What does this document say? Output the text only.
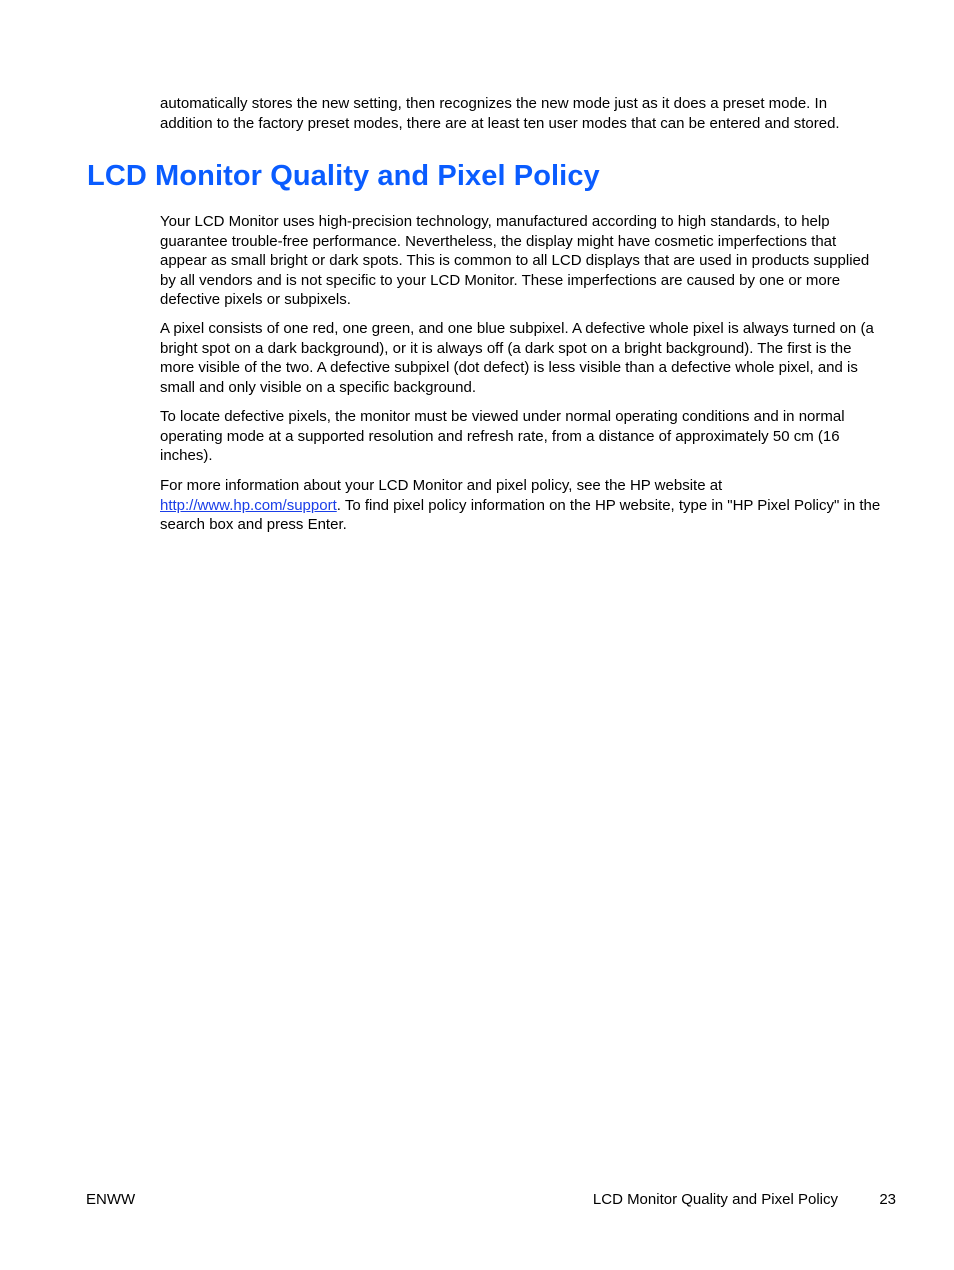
automatically stores the new setting, then recognizes the new mode just as it does a preset mode. In addition to the factory preset modes, there are at least ten user modes that can be entered and stored.

LCD Monitor Quality and Pixel Policy

Your LCD Monitor uses high-precision technology, manufactured according to high standards, to help guarantee trouble-free performance. Nevertheless, the display might have cosmetic imperfections that appear as small bright or dark spots. This is common to all LCD displays that are used in products supplied by all vendors and is not specific to your LCD Monitor. These imperfections are caused by one or more defective pixels or subpixels.

A pixel consists of one red, one green, and one blue subpixel. A defective whole pixel is always turned on (a bright spot on a dark background), or it is always off (a dark spot on a bright background). The first is the more visible of the two. A defective subpixel (dot defect) is less visible than a defective whole pixel, and is small and only visible on a specific background.

To locate defective pixels, the monitor must be viewed under normal operating conditions and in normal operating mode at a supported resolution and refresh rate, from a distance of approximately 50 cm (16 inches).

For more information about your LCD Monitor and pixel policy, see the HP website at http://www.hp.com/support. To find pixel policy information on the HP website, type in "HP Pixel Policy" in the search box and press Enter.

ENWW	LCD Monitor Quality and Pixel Policy	23
